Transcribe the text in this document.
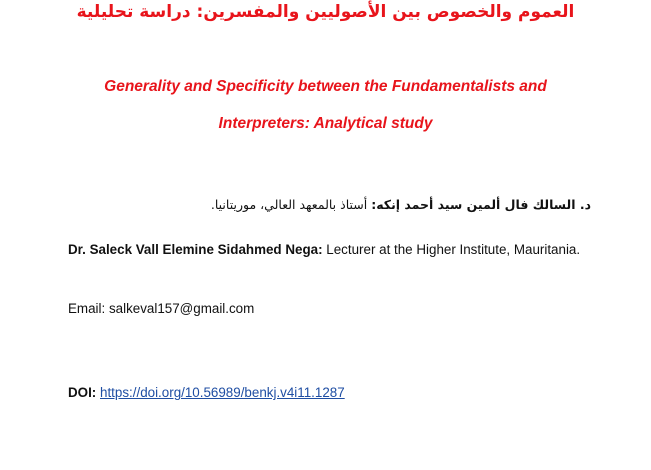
العموم والخصوص بين الأصوليين والمفسرين: دراسة تحليلية
Generality and Specificity between the Fundamentalists and
Interpreters: Analytical study
د. السالك فال ألمين سيد أحمد إنكه: أستاذ بالمعهد العالي، موريتانيا.
Dr. Saleck Vall Elemine Sidahmed Nega: Lecturer at the Higher Institute, Mauritania.
Email: salkeval157@gmail.com
DOI: https://doi.org/10.56989/benkj.v4i11.1287
